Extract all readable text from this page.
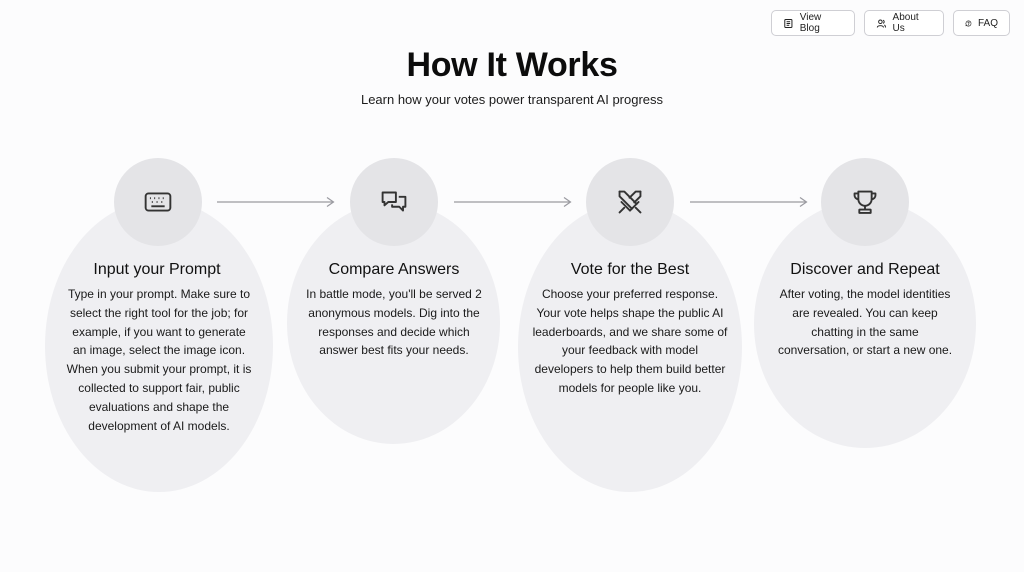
View Blog
About Us	FAQ
How It Works

Learn how your votes power transparent AI progress

Input your Prompt
Type in your prompt. Make sure to select the right tool for the job; for example, if you want to generate an image, select the image icon. When you submit your prompt, it is collected to support fair, public evaluations and shape the development of AI models.
Compare Answers
In battle mode, you'll be served 2 anonymous models. Dig into the responses and decide which answer best fits your needs.
Vote for the Best
Choose your preferred response. Your vote helps shape the public AI leaderboards, and we share some of your feedback with model developers to help them build better models for people like you.
Discover and Repeat
After voting, the model identities are revealed. You can keep chatting in the same conversation, or start a new one.
